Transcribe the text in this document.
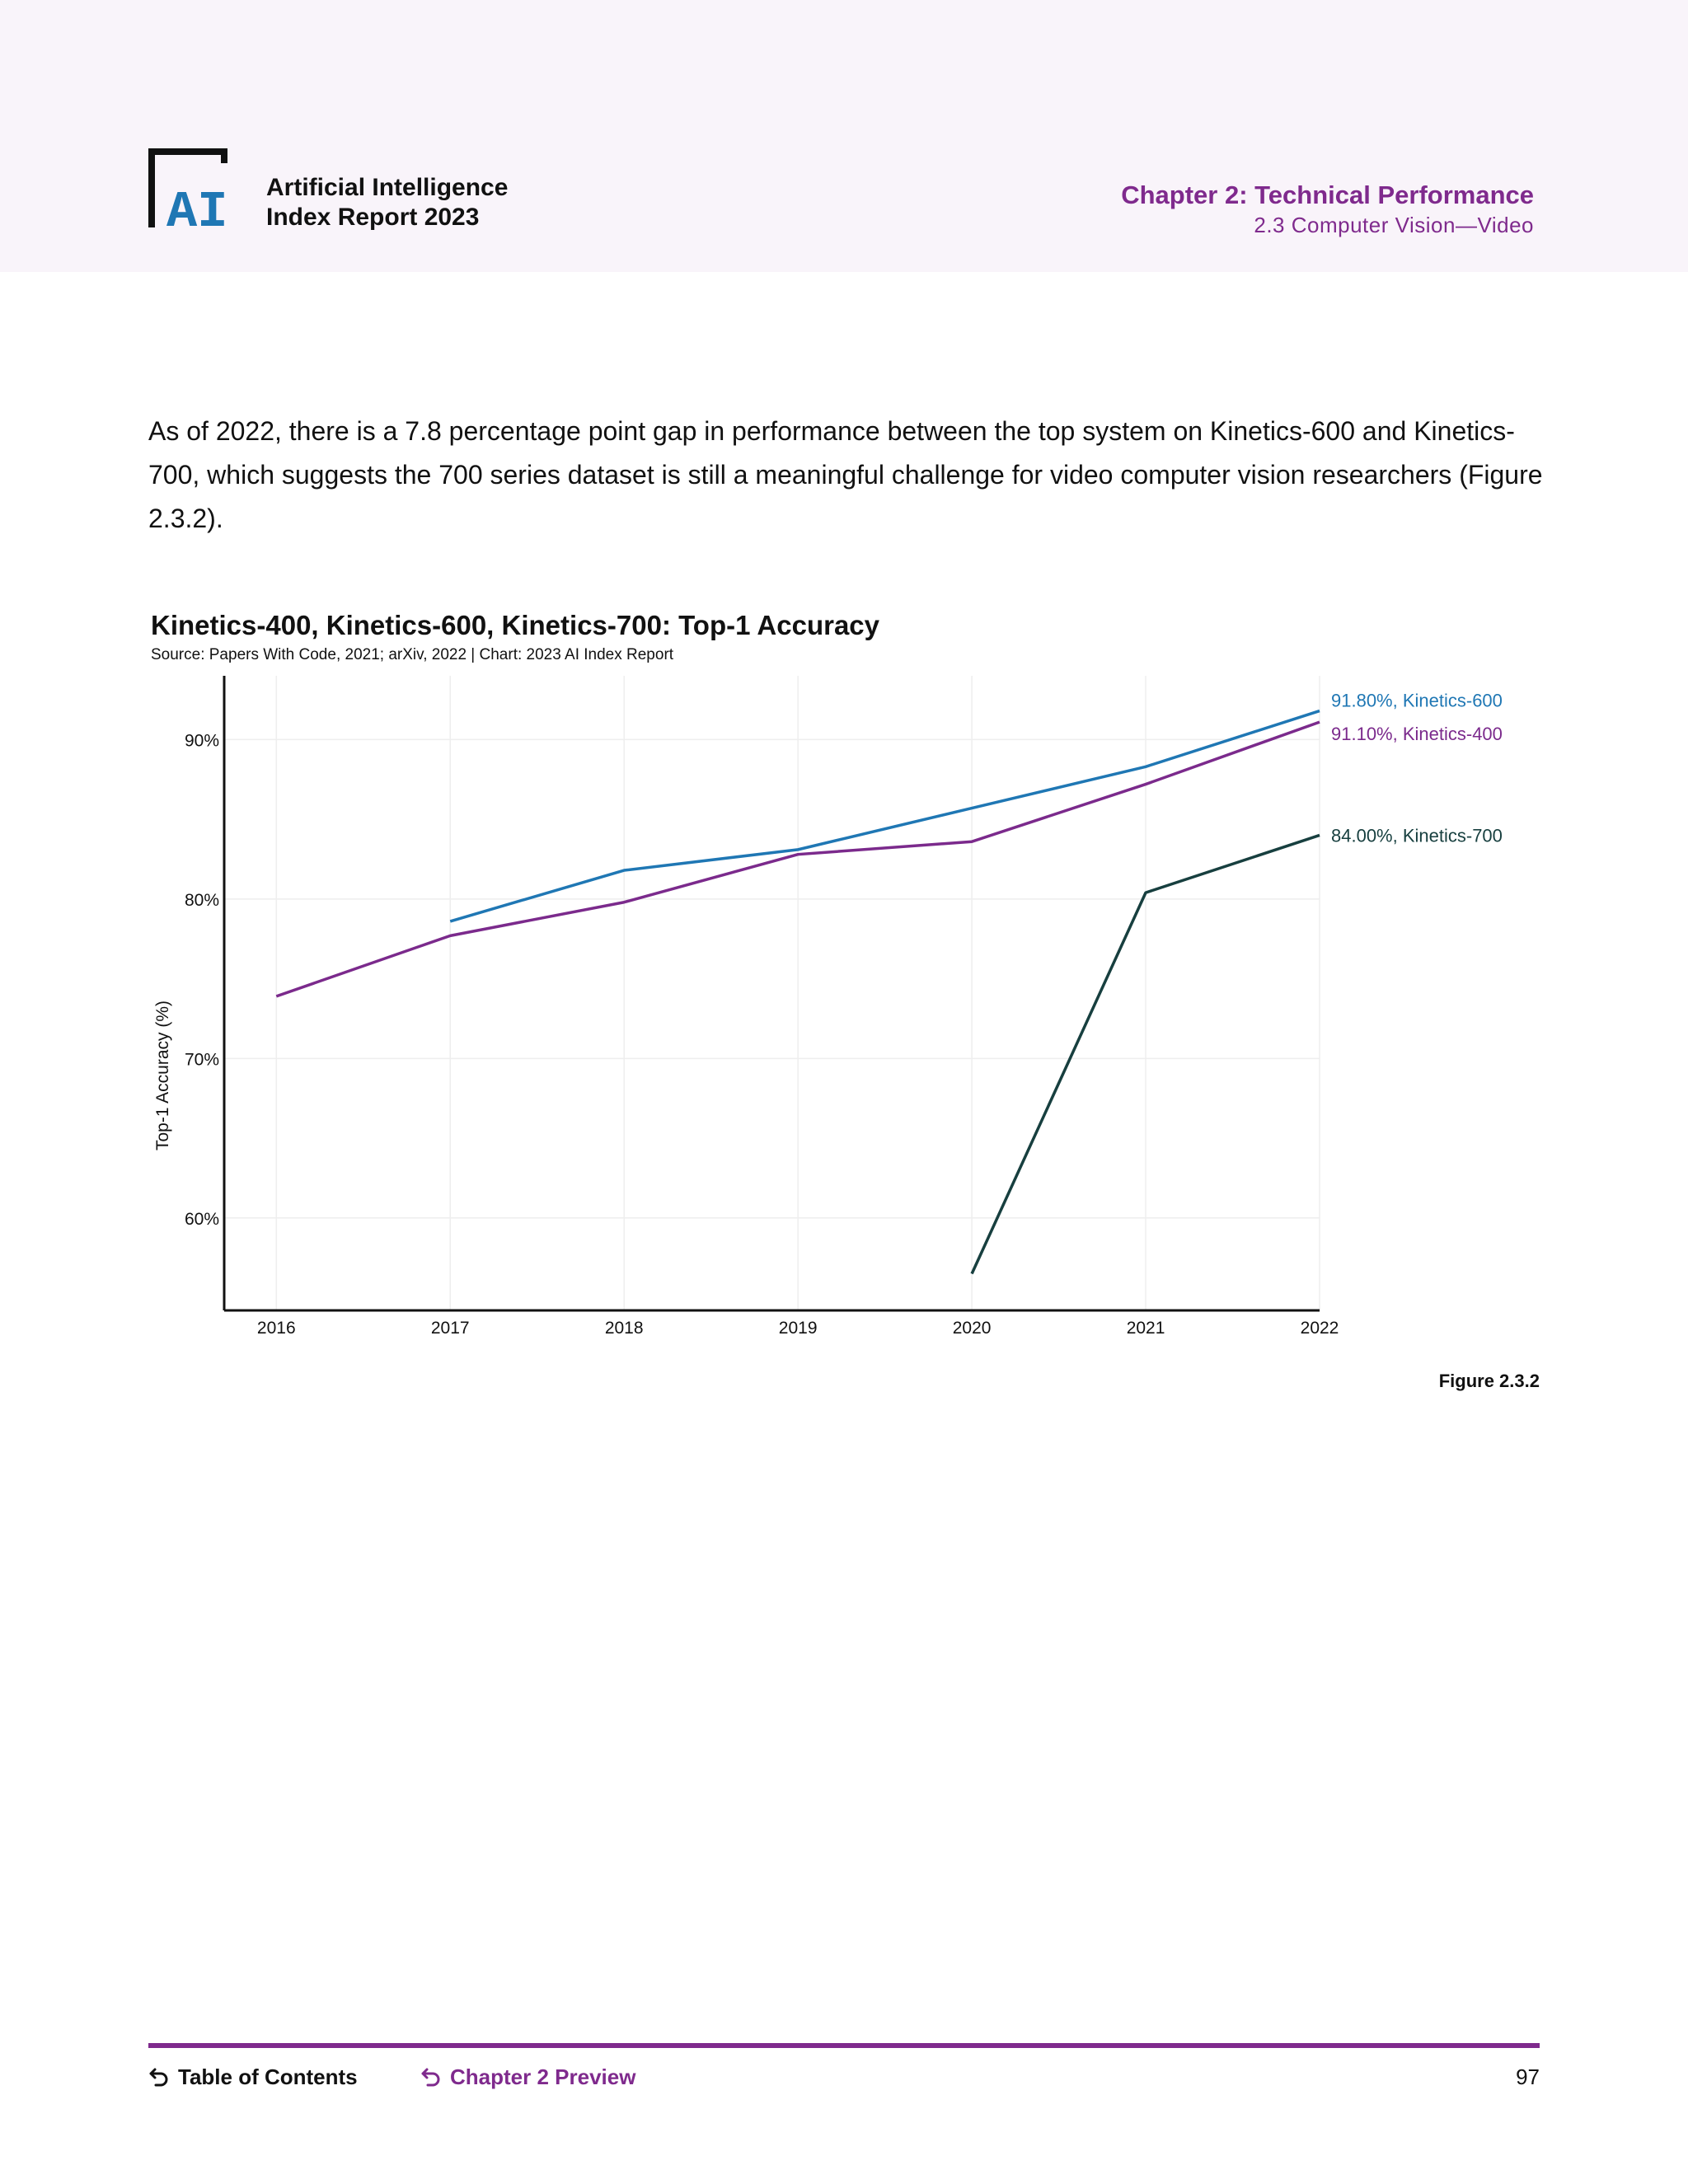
AI Artificial Intelligence
Index Report 2023
Chapter 2: Technical Performance
2.3 Computer Vision—Video

As of 2022, there is a 7.8 percentage point gap in performance between the top system on Kinetics-600 and Kinetics-700, which suggests the 700 series dataset is still a meaningful challenge for video computer vision researchers (Figure 2.3.2).

Kinetics-400, Kinetics-600, Kinetics-700: Top-1 Accuracy
Source: Papers With Code, 2021; arXiv, 2022 | Chart: 2023 AI Index Report
2016	2017	2018	2019	2020	2021	2022
60%
70%
80%
90%
Top-1 Accuracy (%)
91.80%, Kinetics-600
91.10%, Kinetics-400
84.00%, Kinetics-700
Figure 2.3.2
Table of Contents	Chapter 2 Preview	97
